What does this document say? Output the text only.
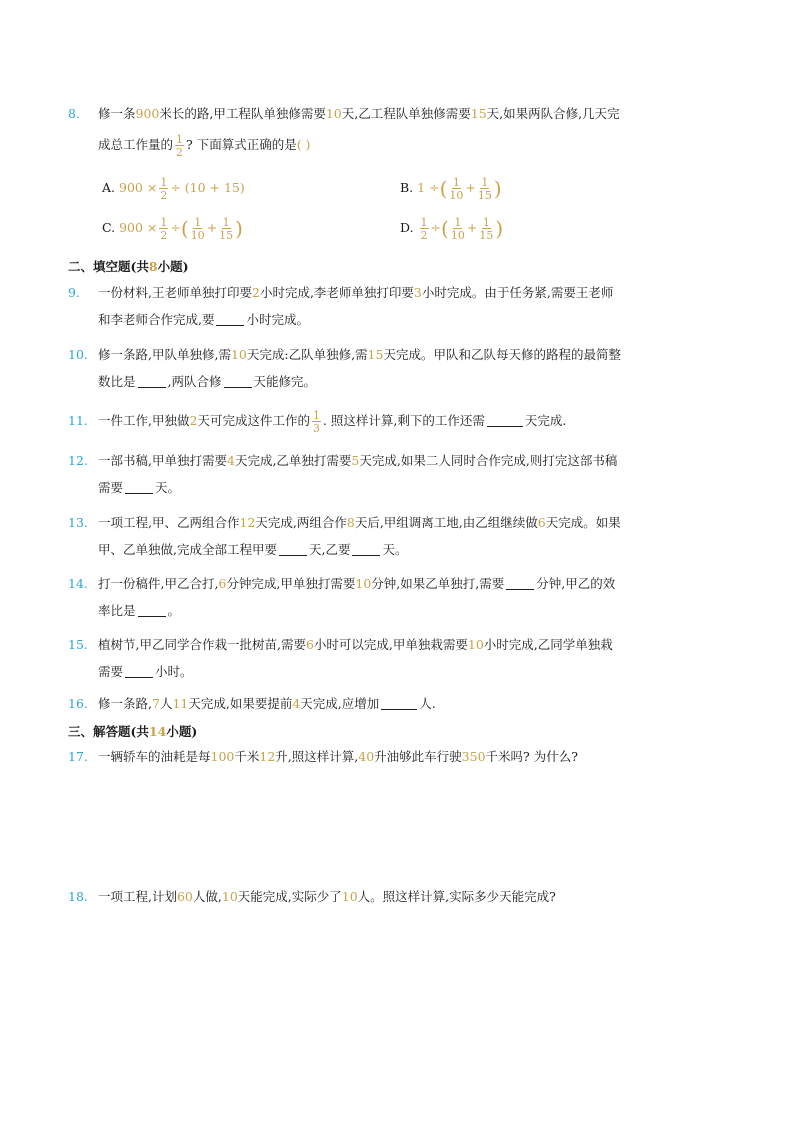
8. 修一条900米长的路,甲工程队单独修需要10天,乙工程队单独修需要15天,如果两队合修,几天完
成总工作量的 $\frac{1}{2}$ ? 下面算式正确的是( )
A. $900 \times \frac{1}{2} \div (10 + 15)$	B. 1 ÷( $\frac{1}{10} + \frac{1}{15}$ )
C. $900 \times \frac{1}{2}$ ÷( $\frac{1}{10} + \frac{1}{15}$ )	D. $\frac{1}{2}$ ÷( $\frac{1}{10} + \frac{1}{15}$ )
二、填空题(共8小题)
9. 一份材料,王老师单独打印要2小时完成,李老师单独打印要3小时完成。由于任务紧,需要王老师
和李老师合作完成,要	小时完成。
10. 修一条路,甲队单独修,需10天完成:乙队单独修,需15天完成。甲队和乙队每天修的路程的最简整
数比是	,两队合修	天能修完。
11. 一件工作,甲独做2天可完成这件工作的 $\frac{1}{3}$ . 照这样计算,剩下的工作还需	天完成.
12. 一部书稿,甲单独打需要4天完成,乙单独打需要5天完成,如果二人同时合作完成,则打完这部书稿
需要	天。
13. 一项工程,甲、乙两组合作12天完成,两组合作8天后,甲组调离工地,由乙组继续做6天完成。如果
甲、乙单独做,完成全部工程甲要	天,乙要	天。
14. 打一份稿件,甲乙合打,6分钟完成,甲单独打需要10分钟,如果乙单独打,需要	分钟,甲乙的效
率比是	。
15. 植树节,甲乙同学合作栽一批树苗,需要6小时可以完成,甲单独栽需要10小时完成,乙同学单独栽
需要	小时。
16. 修一条路,7人11天完成,如果要提前4天完成,应增加	人.
三、解答题(共14小题)
17. 一辆轿车的油耗是每100千米12升,照这样计算,40升油够此车行驶350千米吗? 为什么?
18. 一项工程,计划60人做,10天能完成,实际少了10人。照这样计算,实际多少天能完成?
